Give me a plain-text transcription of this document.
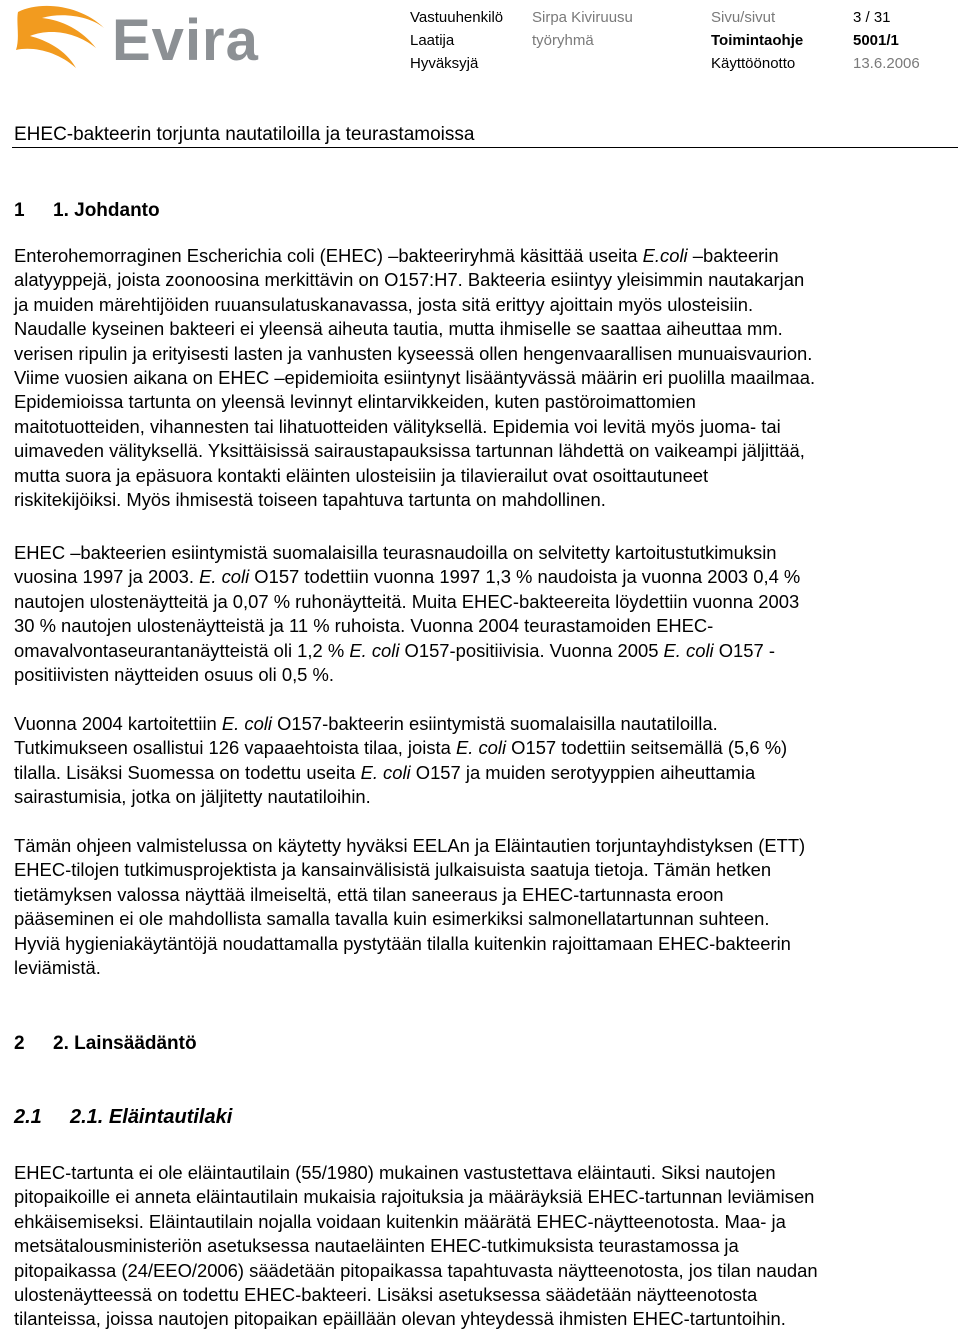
Evira	Vastuuhenkilö Sirpa Kiviruusu	Sivu/sivut	3 / 31
Laatija	työryhmä	Toimintaohje	5001/1
Hyväksyjä	Käyttöönotto	13.6.2006
EHEC-bakteerin torjunta nautatiloilla ja teurastamoissa
1 1. Johdanto
Enterohemorraginen Escherichia coli (EHEC) –bakteeriryhmä käsittää useita E.coli –bakteerin
alatyyppejä, joista zoonoosina merkittävin on O157:H7. Bakteeria esiintyy yleisimmin nautakarjan
ja muiden märehtijöiden ruuansulatuskanavassa, josta sitä erittyy ajoittain myös ulosteisiin.
Naudalle kyseinen bakteeri ei yleensä aiheuta tautia, mutta ihmiselle se saattaa aiheuttaa mm.
verisen ripulin ja erityisesti lasten ja vanhusten kyseessä ollen hengenvaarallisen munuaisvaurion.
Viime vuosien aikana on EHEC –epidemioita esiintynyt lisääntyvässä määrin eri puolilla maailmaa.
Epidemioissa tartunta on yleensä levinnyt elintarvikkeiden, kuten pastöroimattomien
maitotuotteiden, vihannesten tai lihatuotteiden välityksellä. Epidemia voi levitä myös juoma- tai
uimaveden välityksellä. Yksittäisissä sairaustapauksissa tartunnan lähdettä on vaikeampi jäljittää,
mutta suora ja epäsuora kontakti eläinten ulosteisiin ja tilavierailut ovat osoittautuneet
riskitekijöiksi. Myös ihmisestä toiseen tapahtuva tartunta on mahdollinen.
EHEC –bakteerien esiintymistä suomalaisilla teurasnaudoilla on selvitetty kartoitustutkimuksin
vuosina 1997 ja 2003. E. coli O157 todettiin vuonna 1997 1,3 % naudoista ja vuonna 2003 0,4 %
nautojen ulostenäytteitä ja 0,07 % ruhonäytteitä. Muita EHEC-bakteereita löydettiin vuonna 2003
30 % nautojen ulostenäytteistä ja 11 % ruhoista. Vuonna 2004 teurastamoiden EHEC-
omavalvontaseurantanäytteistä oli 1,2 % E. coli O157-positiivisia. Vuonna 2005 E. coli O157 -
positiivisten näytteiden osuus oli 0,5 %.
Vuonna 2004 kartoitettiin E. coli O157-bakteerin esiintymistä suomalaisilla nautatiloilla.
Tutkimukseen osallistui 126 vapaaehtoista tilaa, joista E. coli O157 todettiin seitsemällä (5,6 %)
tilalla. Lisäksi Suomessa on todettu useita E. coli O157 ja muiden serotyyppien aiheuttamia
sairastumisia, jotka on jäljitetty nautatiloihin.
Tämän ohjeen valmistelussa on käytetty hyväksi EELAn ja Eläintautien torjuntayhdistyksen (ETT)
EHEC-tilojen tutkimusprojektista ja kansainvälisistä julkaisuista saatuja tietoja. Tämän hetken
tietämyksen valossa näyttää ilmeiseltä, että tilan saneeraus ja EHEC-tartunnasta eroon
pääseminen ei ole mahdollista samalla tavalla kuin esimerkiksi salmonellatartunnan suhteen.
Hyviä hygieniakäytäntöjä noudattamalla pystytään tilalla kuitenkin rajoittamaan EHEC-bakteerin
leviämistä.
2 2. Lainsäädäntö
2.1 2.1. Eläintautilaki
EHEC-tartunta ei ole eläintautilain (55/1980) mukainen vastustettava eläintauti. Siksi nautojen
pitopaikoille ei anneta eläintautilain mukaisia rajoituksia ja määräyksiä EHEC-tartunnan leviämisen
ehkäisemiseksi. Eläintautilain nojalla voidaan kuitenkin määrätä EHEC-näytteenotosta. Maa- ja
metsätalousministeriön asetuksessa nautaeläinten EHEC-tutkimuksista teurastamossa ja
pitopaikassa (24/EEO/2006) säädetään pitopaikassa tapahtuvasta näytteenotosta, jos tilan naudan
ulostenäytteessä on todettu EHEC-bakteeri. Lisäksi asetuksessa säädetään näytteenotosta
tilanteissa, joissa nautojen pitopaikan epäillään olevan yhteydessä ihmisten EHEC-tartuntoihin.
